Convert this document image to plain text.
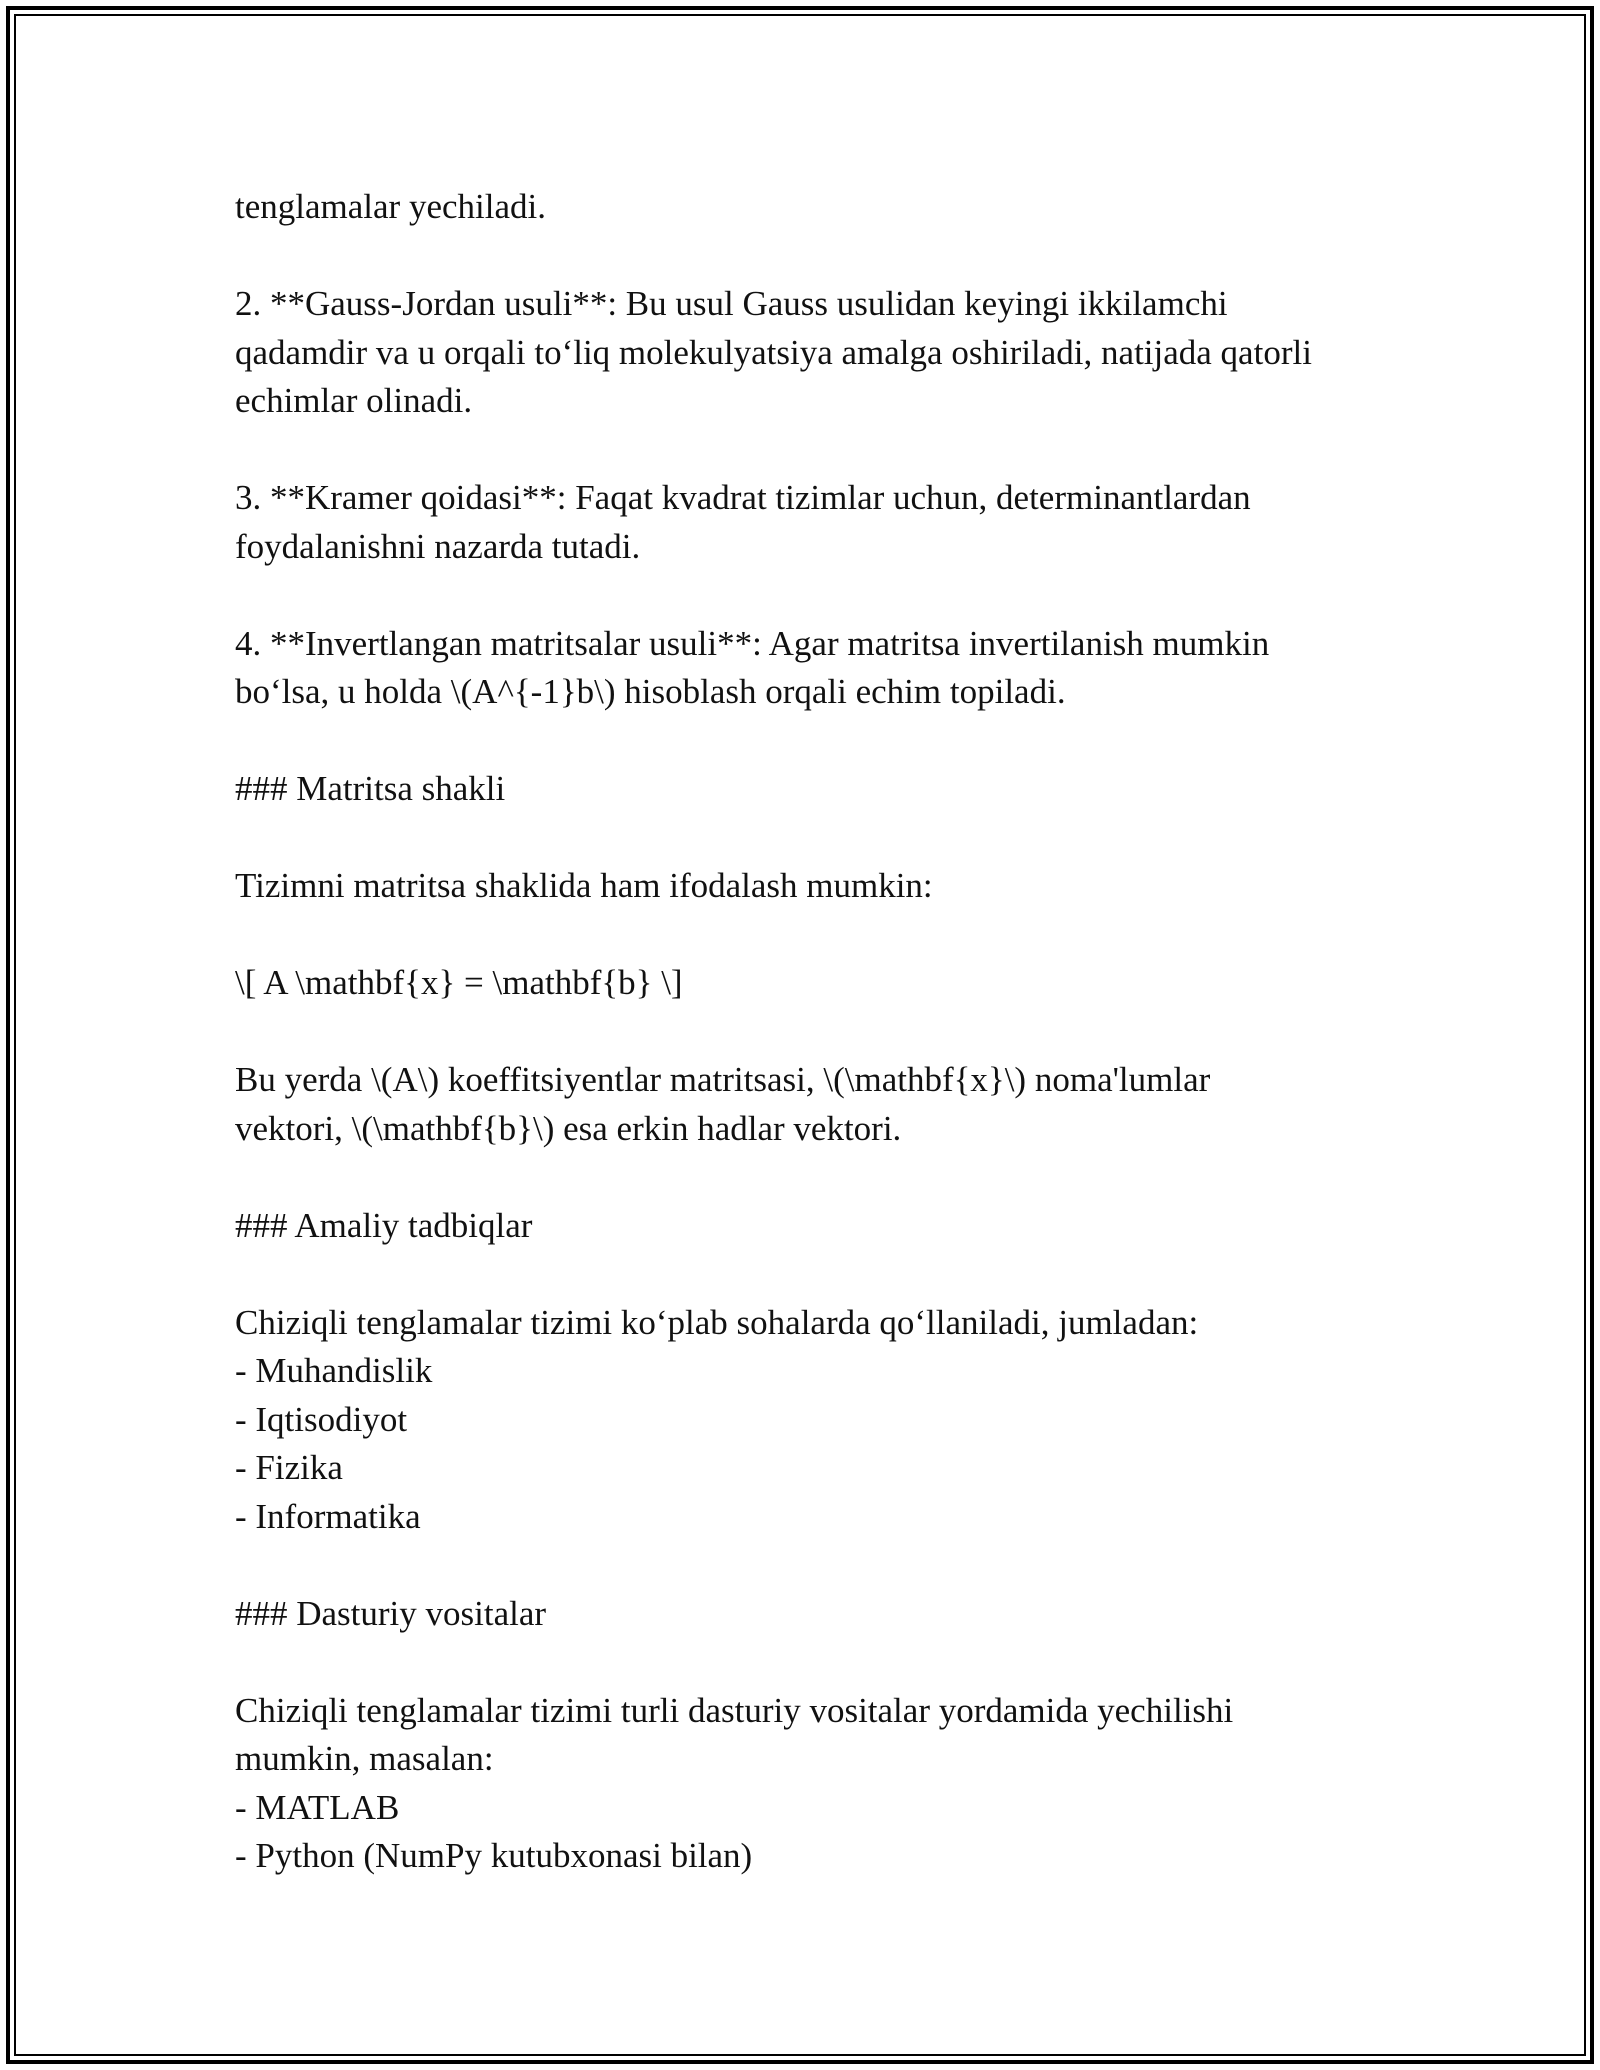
tenglamalar yechiladi.
2. **Gauss-Jordan usuli**: Bu usul Gauss usulidan keyingi ikkilamchi
qadamdir va u orqali to‘liq molekulyatsiya amalga oshiriladi, natijada qatorli
echimlar olinadi.
3. **Kramer qoidasi**: Faqat kvadrat tizimlar uchun, determinantlardan
foydalanishni nazarda tutadi.
4. **Invertlangan matritsalar usuli**: Agar matritsa invertilanish mumkin
bo‘lsa, u holda \(A^{-1}b\) hisoblash orqali echim topiladi.
### Matritsa shakli
Tizimni matritsa shaklida ham ifodalash mumkin:
\[ A \mathbf{x} = \mathbf{b} \]
Bu yerda \(A\) koeffitsiyentlar matritsasi, \(\mathbf{x}\) noma'lumlar
vektori, \(\mathbf{b}\) esa erkin hadlar vektori.
### Amaliy tadbiqlar
Chiziqli tenglamalar tizimi ko‘plab sohalarda qo‘llaniladi, jumladan:
- Muhandislik
- Iqtisodiyot
- Fizika
- Informatika
### Dasturiy vositalar
Chiziqli tenglamalar tizimi turli dasturiy vositalar yordamida yechilishi
mumkin, masalan:
- MATLAB
- Python (NumPy kutubxonasi bilan)
